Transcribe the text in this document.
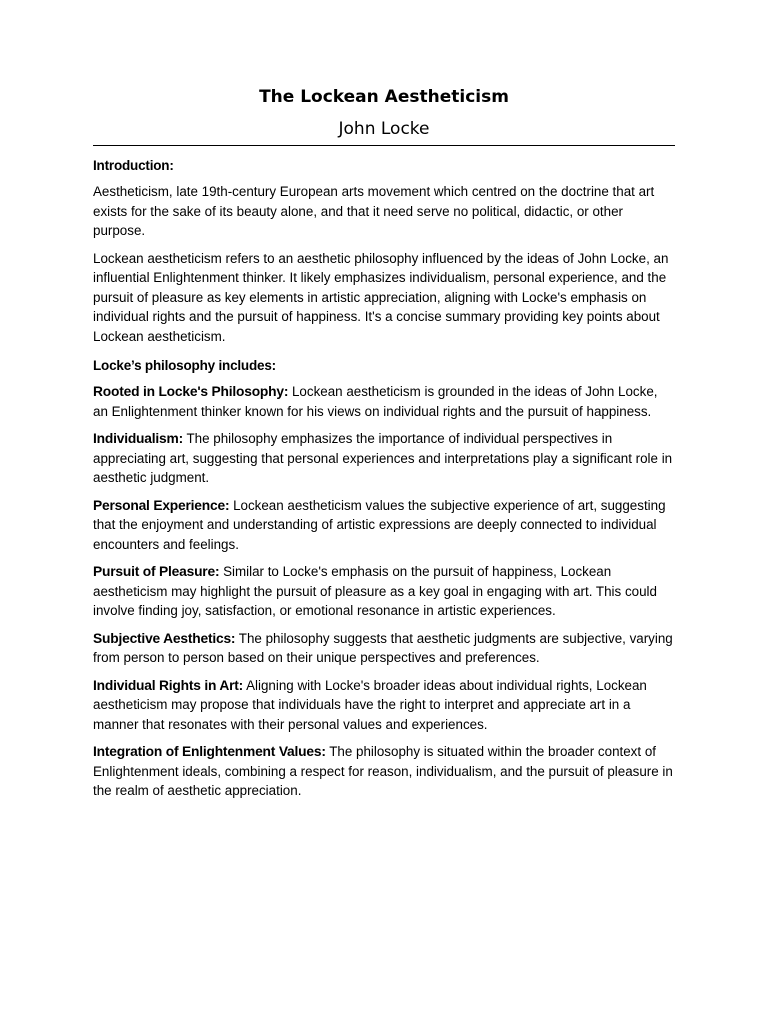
The Lockean Aestheticism
John Locke
Introduction:

Aestheticism, late 19th-century European arts movement which centred on the doctrine that art exists for the sake of its beauty alone, and that it need serve no political, didactic, or other purpose.

Lockean aestheticism refers to an aesthetic philosophy influenced by the ideas of John Locke, an influential Enlightenment thinker. It likely emphasizes individualism, personal experience, and the pursuit of pleasure as key elements in artistic appreciation, aligning with Locke's emphasis on individual rights and the pursuit of happiness. It's a concise summary providing key points about Lockean aestheticism.

Locke’s philosophy includes:

Rooted in Locke's Philosophy: Lockean aestheticism is grounded in the ideas of John Locke, an Enlightenment thinker known for his views on individual rights and the pursuit of happiness.

Individualism: The philosophy emphasizes the importance of individual perspectives in appreciating art, suggesting that personal experiences and interpretations play a significant role in aesthetic judgment.

Personal Experience: Lockean aestheticism values the subjective experience of art, suggesting that the enjoyment and understanding of artistic expressions are deeply connected to individual encounters and feelings.

Pursuit of Pleasure: Similar to Locke's emphasis on the pursuit of happiness, Lockean aestheticism may highlight the pursuit of pleasure as a key goal in engaging with art. This could involve finding joy, satisfaction, or emotional resonance in artistic experiences.

Subjective Aesthetics: The philosophy suggests that aesthetic judgments are subjective, varying from person to person based on their unique perspectives and preferences.

Individual Rights in Art: Aligning with Locke's broader ideas about individual rights, Lockean aestheticism may propose that individuals have the right to interpret and appreciate art in a manner that resonates with their personal values and experiences.

Integration of Enlightenment Values: The philosophy is situated within the broader context of Enlightenment ideals, combining a respect for reason, individualism, and the pursuit of pleasure in the realm of aesthetic appreciation.
